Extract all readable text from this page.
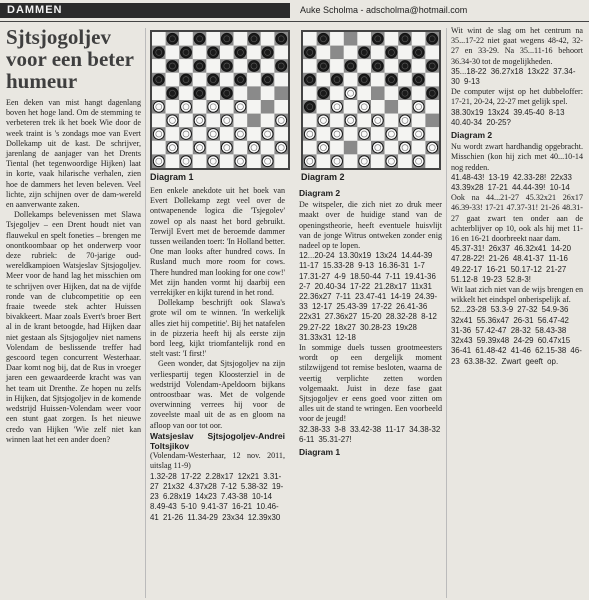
DAMMEN	Auke Scholma - adscholma@hotmail.com
Sjtsjogoljev voor een beter humeur

Een deken van mist hangt dagenlang boven het hoge land. Om de stemming te verbeteren trek ik het boek Wie door de week traint is 's zondags moe van Evert Dollekamp uit de kast. De schrijver, jarenlang de aanjager van het Drents Tiental (het tegenwoordige Hijken) laat in korte, vaak hilarische verhalen, zien hoe de dammers het leven beleven. Veel lichte, zijn schijnen over de dam-wereld en aanverwante zaken.

Dollekamps belevenissen met Slawa Tsjegoljev – een Drent houdt niet van flauwekul en spelt foneties – brengen me onontkoombaar op het onderwerp voor deze rubriek: de 70-jarige oud-wereldkampioen Watsjeslav Sjtsjogoljev. Meer voor de hand lag het misschien om te schrijven over Hijken, dat na de vijfde ronde van de clubcompetitie op een fraaie tweede stek achter Huissen bivakkeert. Maar zoals Evert's broer Bert al in de krant betoogde, had Hijken daar niet gestaan als Sjtsjogoljev niet namens Volendam de beslissende treffer had gescoord tegen concurrent Westerhaar. Daar komt nog bij, dat de Rus in vroeger jaren een gewaardeerde kracht was van het team uit Drenthe. Ze hopen nu zelfs in Hijken, dat Sjtsjogoljev in de komende wedstrijd Huissen-Volendam weer voor een stunt gaat zorgen. Is het nieuwe credo van Hijken 'Wie zelf niet kan winnen laat het een ander doen?

Diagram 1	Diagram 2

Een enkele anekdote uit het boek van Evert Dollekamp zegt veel over de ontwapenende logica die 'Tsjegolev' zowel op als naast het bord gebruikt. Terwijl Evert met de beroemde dammer tussen weilanden toert: 'In Holland better. One man looks after hundred cows. In Rusland much more room for cows. There hundred man looking for one cow!' Met zijn handen vormt hij daarbij een verrekijker en kijkt turend in het rond.

Dollekamp beschrijft ook Slawa's grote wil om te winnen. 'In werkelijk alles ziet hij competitie'. Bij het natafelen in de pizzeria heeft hij als eerste zijn bord leeg, kijkt triomfantelijk rond en stelt vast: 'I first!'

Geen wonder, dat Sjtsjogoljev na zijn verliespartij tegen Kloosterziel in de wedstrijd Volendam-Apeldoorn bijkans ontroostbaar was. Met de volgende overwinning verrees hij voor de zoveelste maal uit de as en gloom na afloop van oor tot oor.

Watsjeslav Sjtsjogoljev-Andrei Toltsjikov
(Volendam-Westerhaar, 12 nov. 2011, uitslag 11-9)
1.32-28 17-22 2.28x17 12x21 3.31-27 21x32 4.37x28 7-12 5.38-32 19-23 6.28x19 14x23 7.43-38 10-14 8.49-43 5-10 9.41-37 16-21 10.46-41 21-26 11.34-29 23x34 12.39x30
Diagram 2

De witspeler, die zich niet zo druk meer maakt over de huidige stand van de openingstheorie, heeft eventuele huisvlijt van de jonge Witrus ontweken zonder enig nadeel op te lopen.

12...20-24 13.30x19 13x24 14.44-39 11-17 15.33-28 9-13 16.36-31 1-7 17.31-27 4-9 18.50-44 7-11 19.41-36 2-7 20.40-34 17-22 21.28x17 11x31 22.36x27 7-11 23.47-41 14-19 24.39-33 12-17 25.43-39 17-22 26.41-36 22x31 27.36x27 15-20 28.32-28 8-12 29.27-22 18x27 30.28-23 19x28 31.33x31 12-18

In sommige duels tussen grootmeesters wordt op een dergelijk moment stilzwijgend tot remise besloten, waarna de veertig verplichte zetten worden volgemaakt. Juist in deze fase gaat Sjtsjogoljev er eens goed voor zitten om alles uit de stand te wringen. Een voorbeeld voor de jeugd!

32.38-33 3-8 33.42-38 11-17 34.38-32 6-11 35.31-27!
Diagram 1

Wit wint de slag om het centrum na 35...17-22 niet gaat wegens 48-42, 32-27 en 33-29. Na 35...11-16 behoort 36.34-30 tot de mogelijkheden.

35...18-22 36.27x18 13x22 37.34-30 9-13

De computer wijst op het dubbeloffer: 17-21, 20-24, 22-27 met gelijk spel.

38.30x19 13x24 39.45-40 8-13 40.40-34 20-25?
Diagram 2

Nu wordt zwart hardhandig opgebracht. Misschien (kon hij zich met 40...10-14 nog redden.

41.48-43! 13-19 42.33-28! 22x33 43.39x28 17-21 44.44-39! 10-14

Ook na 44...21-27 45.32x21 26x17 46.39-33! 17-21 47.37-31! 21-26 48.31-27 gaat zwart ten onder aan de achterblijver op 10, ook als hij met 11-16 en 16-21 doorbreekt naar dam.

45.37-31! 26x37 46.32x41 14-20 47.28-22! 21-26 48.41-37 11-16 49.22-17 16-21 50.17-12 21-27 51.12-8 19-23 52.8-3!

Wit laat zich niet van de wijs brengen en wikkelt het eindspel onberispelijk af.

52...23-28 53.3-9 27-32 54.9-36 32x41 55.36x47 26-31 56.47-42 31-36 57.42-47 28-32 58.43-38 32x43 59.39x48 24-29 60.47x15 36-41 61.48-42 41-46 62.15-38 46-23 63.38-32. Zwart geeft op.
